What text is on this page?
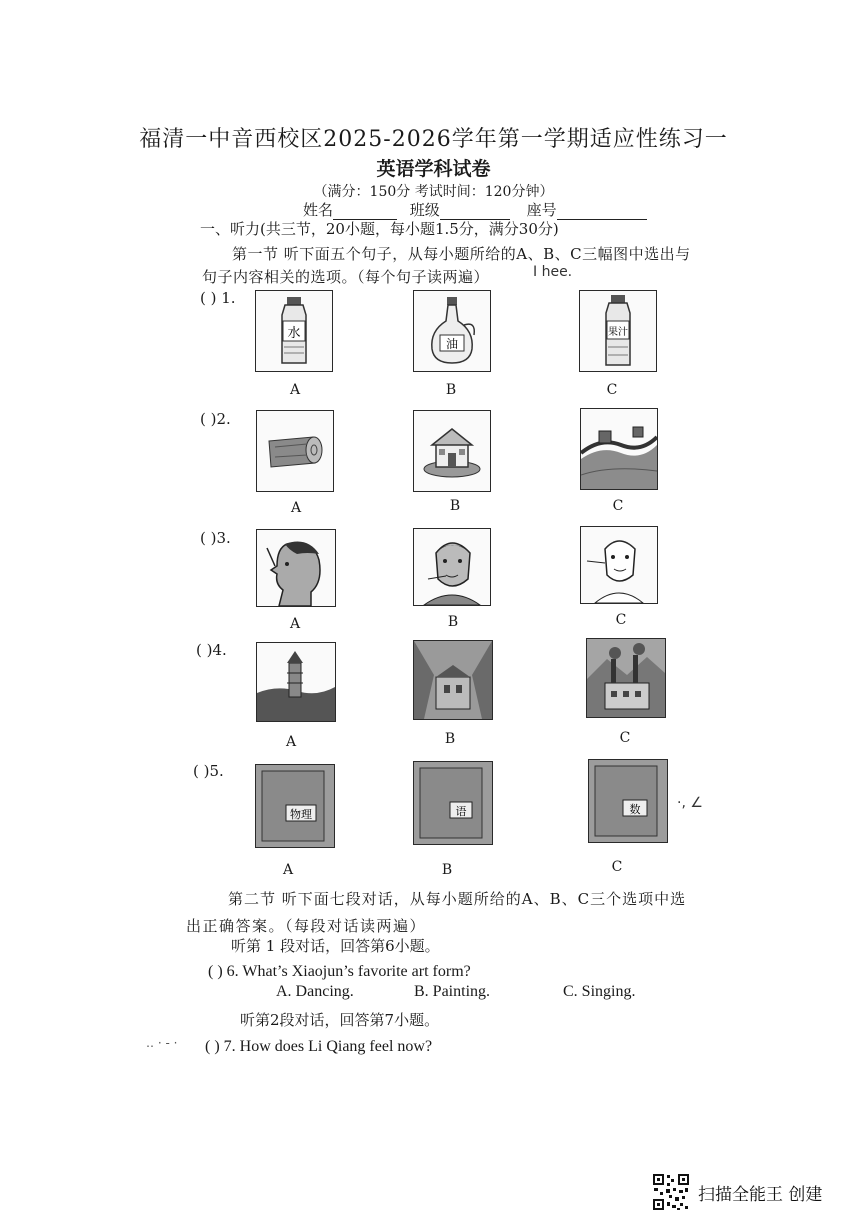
福清一中音西校区2025-2026学年第一学期适应性练习一
英语学科试卷
（满分：150分 考试时间：120分钟）
姓名	班级	座号
一、听力(共三节，20小题，每小题1.5分，满分30分)
第一节 听下面五个句子，从每小题所给的A、B、C三幅图中选出与
句子内容相关的选项。（每个句子读两遍）	I hee.
( ) 1.
水
油
果汁
A	B	C
( )2.
A	B	C
( )3.
A	B	C
( )4.
A	B	C
( )5.
物理	语	数	·, ∠
A	B	C
第二节 听下面七段对话，从每小题所给的A、B、C三个选项中选
出正确答案。（每段对话读两遍）
听第 1 段对话，回答第6小题。
( ) 6. What’s Xiaojun’s favorite art form?
A. Dancing.	B. Painting.	C. Singing.
听第2段对话，回答第7小题。
‥ · - · ( ) 7. How does Li Qiang feel now?
扫描全能王 创建
